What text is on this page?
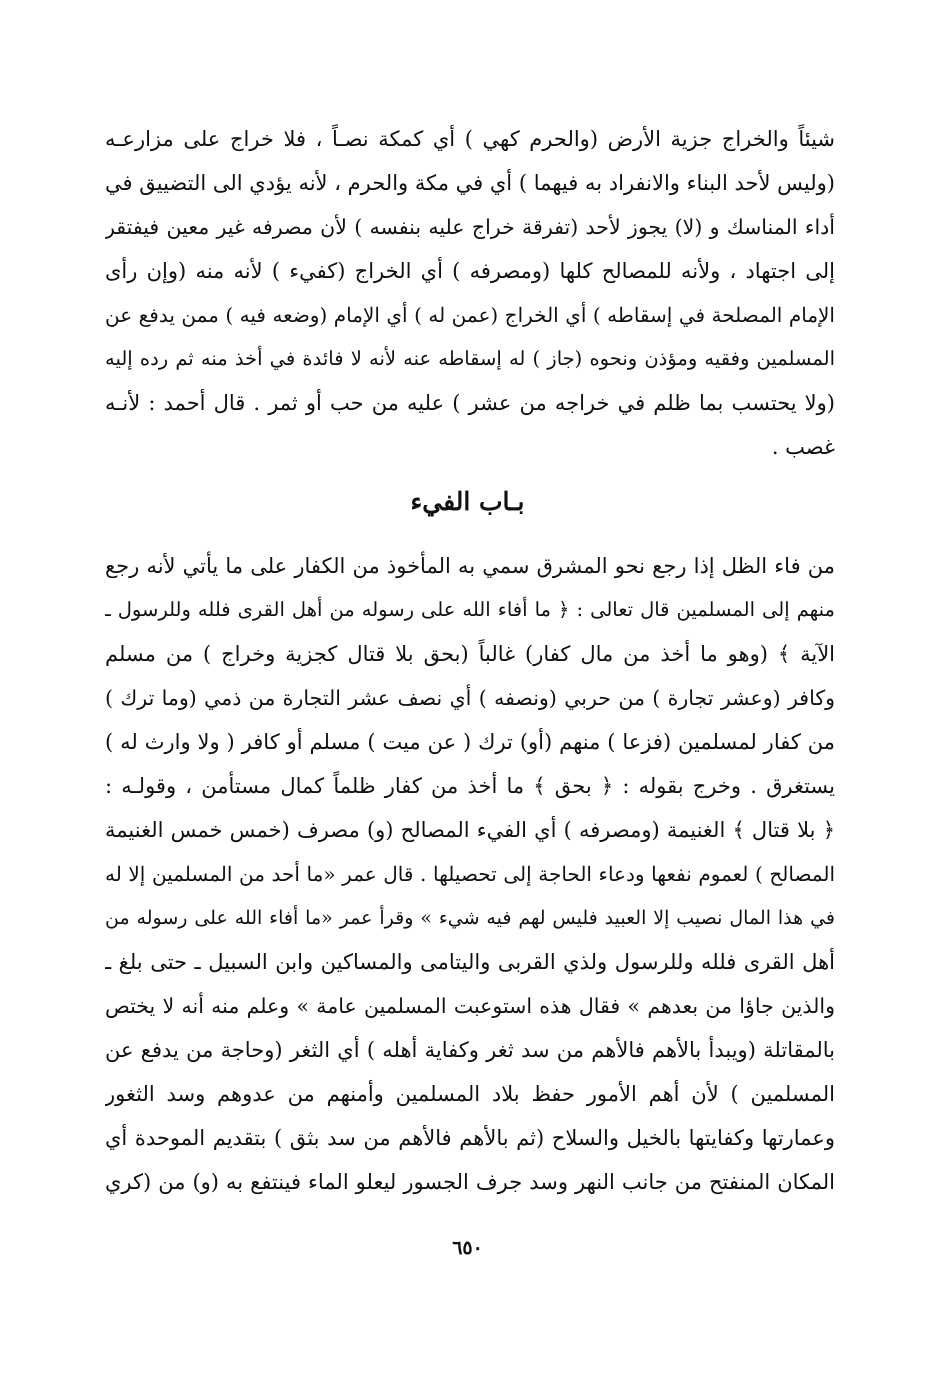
شيئاً والخراج جزية الأرض (والحرم كهي ) أي كمكة نصـاً ، فلا خراج على مزارعـه
(وليس لأحد البناء والانفراد به فيهما ) أي في مكة والحرم ، لأنه يؤدي الى التضييق في
أداء المناسك و (لا) يجوز لأحد (تفرقة خراج عليه بنفسه ) لأن مصرفه غير معين فيفتقر
إلى اجتهاد ، ولأنه للمصالح كلها (ومصرفه ) أي الخراج (كفيء ) لأنه منه (وإن رأى
الإمام المصلحة في إسقاطه ) أي الخراج (عمن له ) أي الإمام (وضعه فيه ) ممن يدفع عن
المسلمين وفقيه ومؤذن ونحوه (جاز ) له إسقاطه عنه لأنه لا فائدة في أخذ منه ثم رده إليه
(ولا يحتسب بما ظلم في خراجه من عشر ) عليه من حب أو ثمر . قال أحمد : لأنـه
غصب .
بـاب الفيء
من فاء الظل إذا رجع نحو المشرق سمي به المأخوذ من الكفار على ما يأتي لأنه رجع
منهم إلى المسلمين قال تعالى : ﴿ ما أفاء الله على رسوله من أهل القرى فلله وللرسول ـ
الآية ﴾ (وهو ما أخذ من مال كفار) غالباً (بحق بلا قتال كجزية وخراج ) من مسلم
وكافر (وعشر تجارة ) من حربي (ونصفه ) أي نصف عشر التجارة من ذمي (وما ترك )
من كفار لمسلمين (فزعا ) منهم (أو) ترك ( عن ميت ) مسلم أو كافر ( ولا وارث له )
يستغرق . وخرج بقوله : ﴿ بحق ﴾ ما أخذ من كفار ظلماً كمال مستأمن ، وقولـه :
﴿ بلا قتال ﴾ الغنيمة (ومصرفه ) أي الفيء المصالح (و) مصرف (خمس خمس الغنيمة
المصالح ) لعموم نفعها ودعاء الحاجة إلى تحصيلها . قال عمر «ما أحد من المسلمين إلا له
في هذا المال نصيب إلا العبيد فليس لهم فيه شيء » وقرأ عمر «ما أفاء الله على رسوله من
أهل القرى فلله وللرسول ولذي القربى واليتامى والمساكين وابن السبيل ـ حتى بلغ ـ
والذين جاؤا من بعدهم » فقال هذه استوعبت المسلمين عامة » وعلم منه أنه لا يختص
بالمقاتلة (ويبدأ بالأهم فالأهم من سد ثغر وكفاية أهله ) أي الثغر (وحاجة من يدفع عن
المسلمين ) لأن أهم الأمور حفظ بلاد المسلمين وأمنهم من عدوهم وسد الثغور
وعمارتها وكفايتها بالخيل والسلاح (ثم بالأهم فالأهم من سد بثق ) بتقديم الموحدة أي
المكان المنفتح من جانب النهر وسد جرف الجسور ليعلو الماء فينتفع به (و) من (كري
٦٥٠
